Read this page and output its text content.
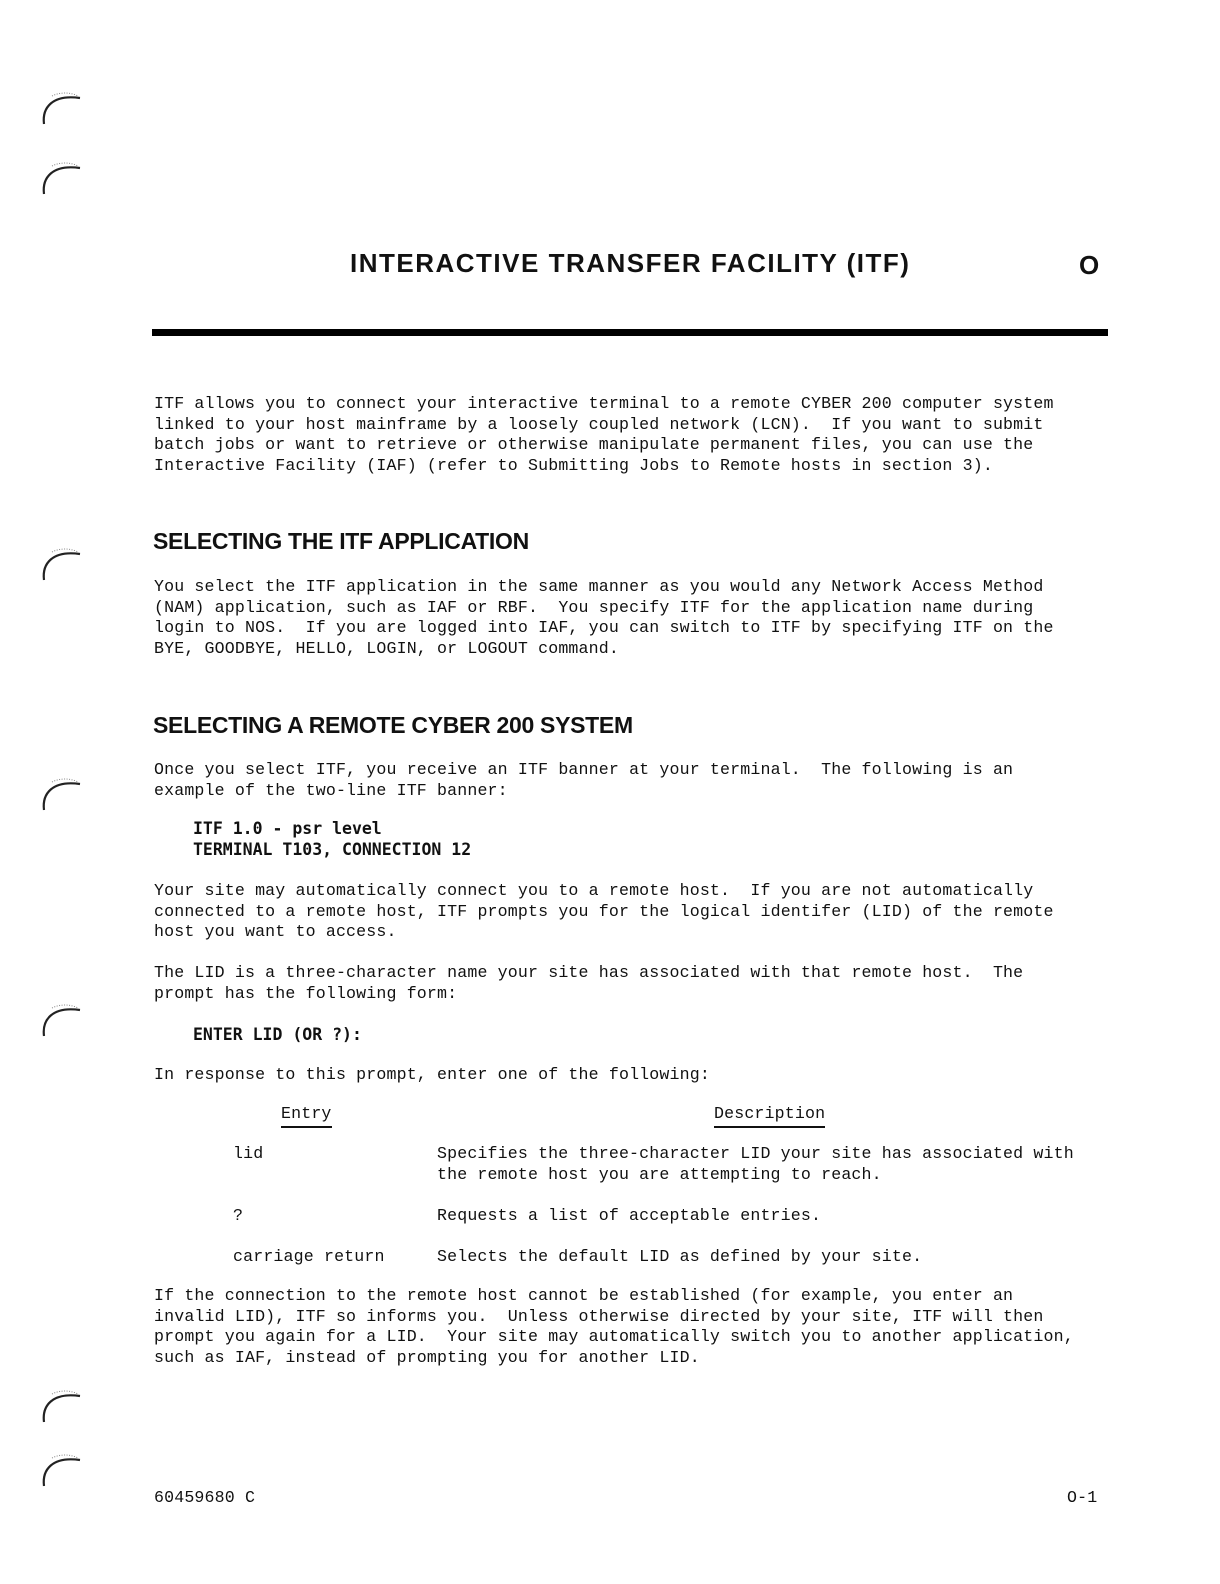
INTERACTIVE TRANSFER FACILITY (ITF)	O
ITF allows you to connect your interactive terminal to a remote CYBER 200 computer system
linked to your host mainframe by a loosely coupled network (LCN).  If you want to submit
batch jobs or want to retrieve or otherwise manipulate permanent files, you can use the
Interactive Facility (IAF) (refer to Submitting Jobs to Remote hosts in section 3).
SELECTING THE ITF APPLICATION
You select the ITF application in the same manner as you would any Network Access Method
(NAM) application, such as IAF or RBF.  You specify ITF for the application name during
login to NOS.  If you are logged into IAF, you can switch to ITF by specifying ITF on the
BYE, GOODBYE, HELLO, LOGIN, or LOGOUT command.
SELECTING A REMOTE CYBER 200 SYSTEM
Once you select ITF, you receive an ITF banner at your terminal.  The following is an
example of the two-line ITF banner:
ITF 1.0 - psr level
TERMINAL T103, CONNECTION 12
Your site may automatically connect you to a remote host.  If you are not automatically
connected to a remote host, ITF prompts you for the logical identifer (LID) of the remote
host you want to access.
The LID is a three-character name your site has associated with that remote host.  The
prompt has the following form:
ENTER LID (OR ?):
In response to this prompt, enter one of the following:
Entry	Description
lid	Specifies the three-character LID your site has associated with
the remote host you are attempting to reach.
?	Requests a list of acceptable entries.
carriage return	Selects the default LID as defined by your site.
If the connection to the remote host cannot be established (for example, you enter an
invalid LID), ITF so informs you.  Unless otherwise directed by your site, ITF will then
prompt you again for a LID.  Your site may automatically switch you to another application,
such as IAF, instead of prompting you for another LID.
60459680 C	O-1
